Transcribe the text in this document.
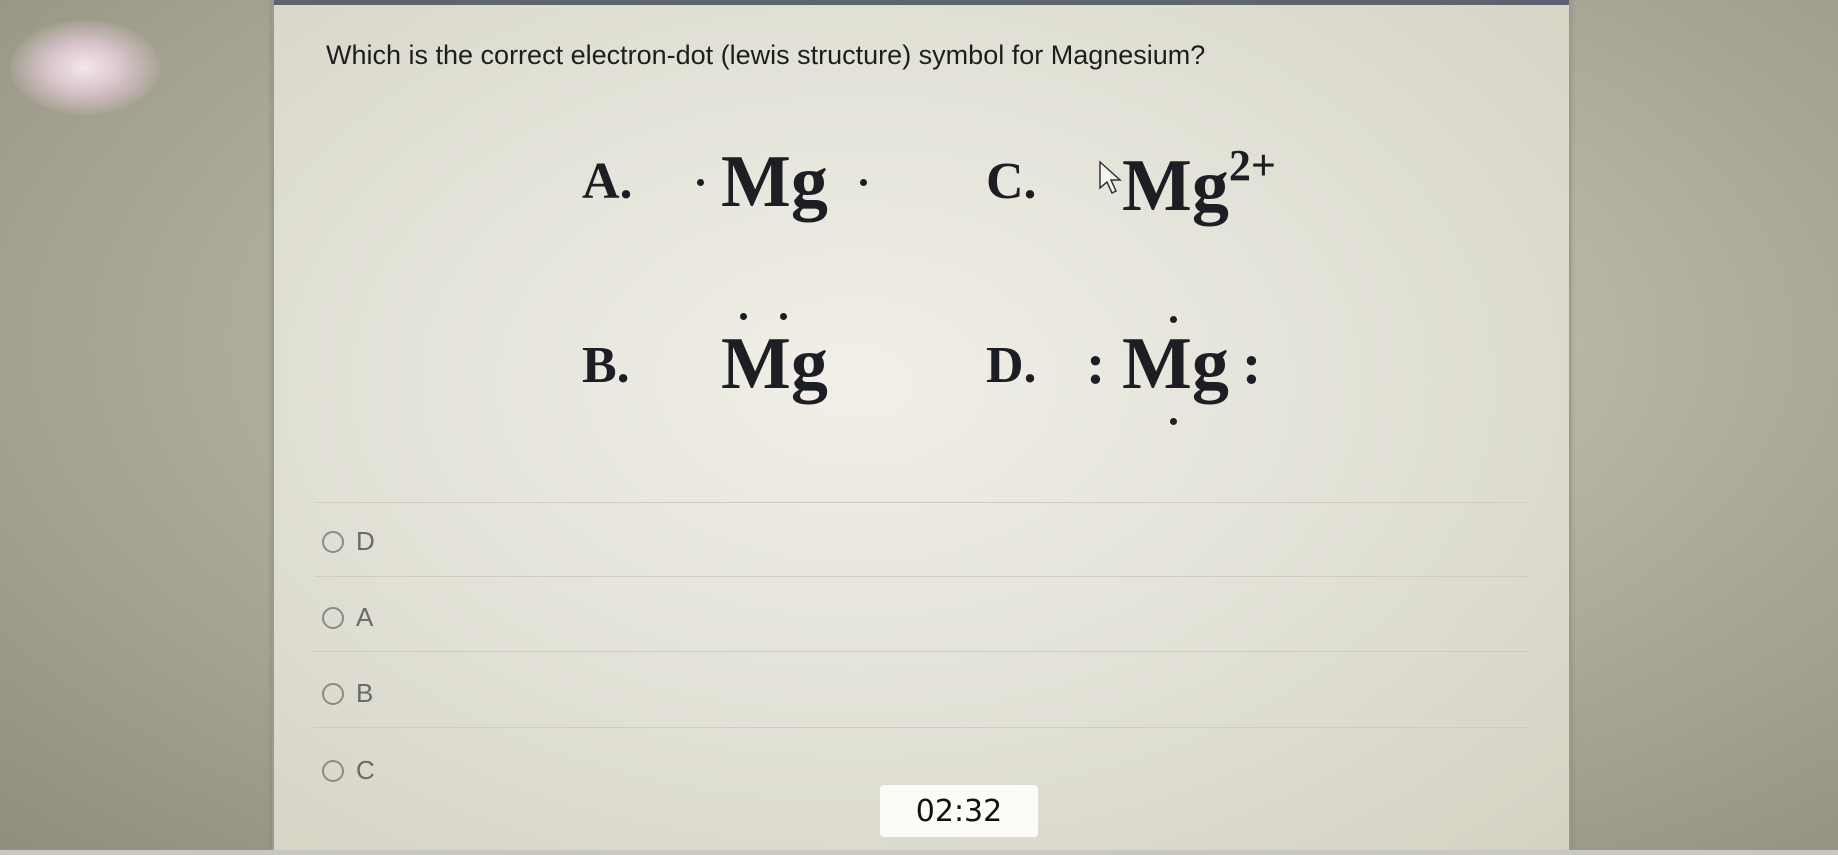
Which is the correct electron-dot (lewis structure) symbol for Magnesium?
A. Mg	C. $Mg^{2+}$
B. Mg	D. : Mg :
D
A
B
C
02:32
